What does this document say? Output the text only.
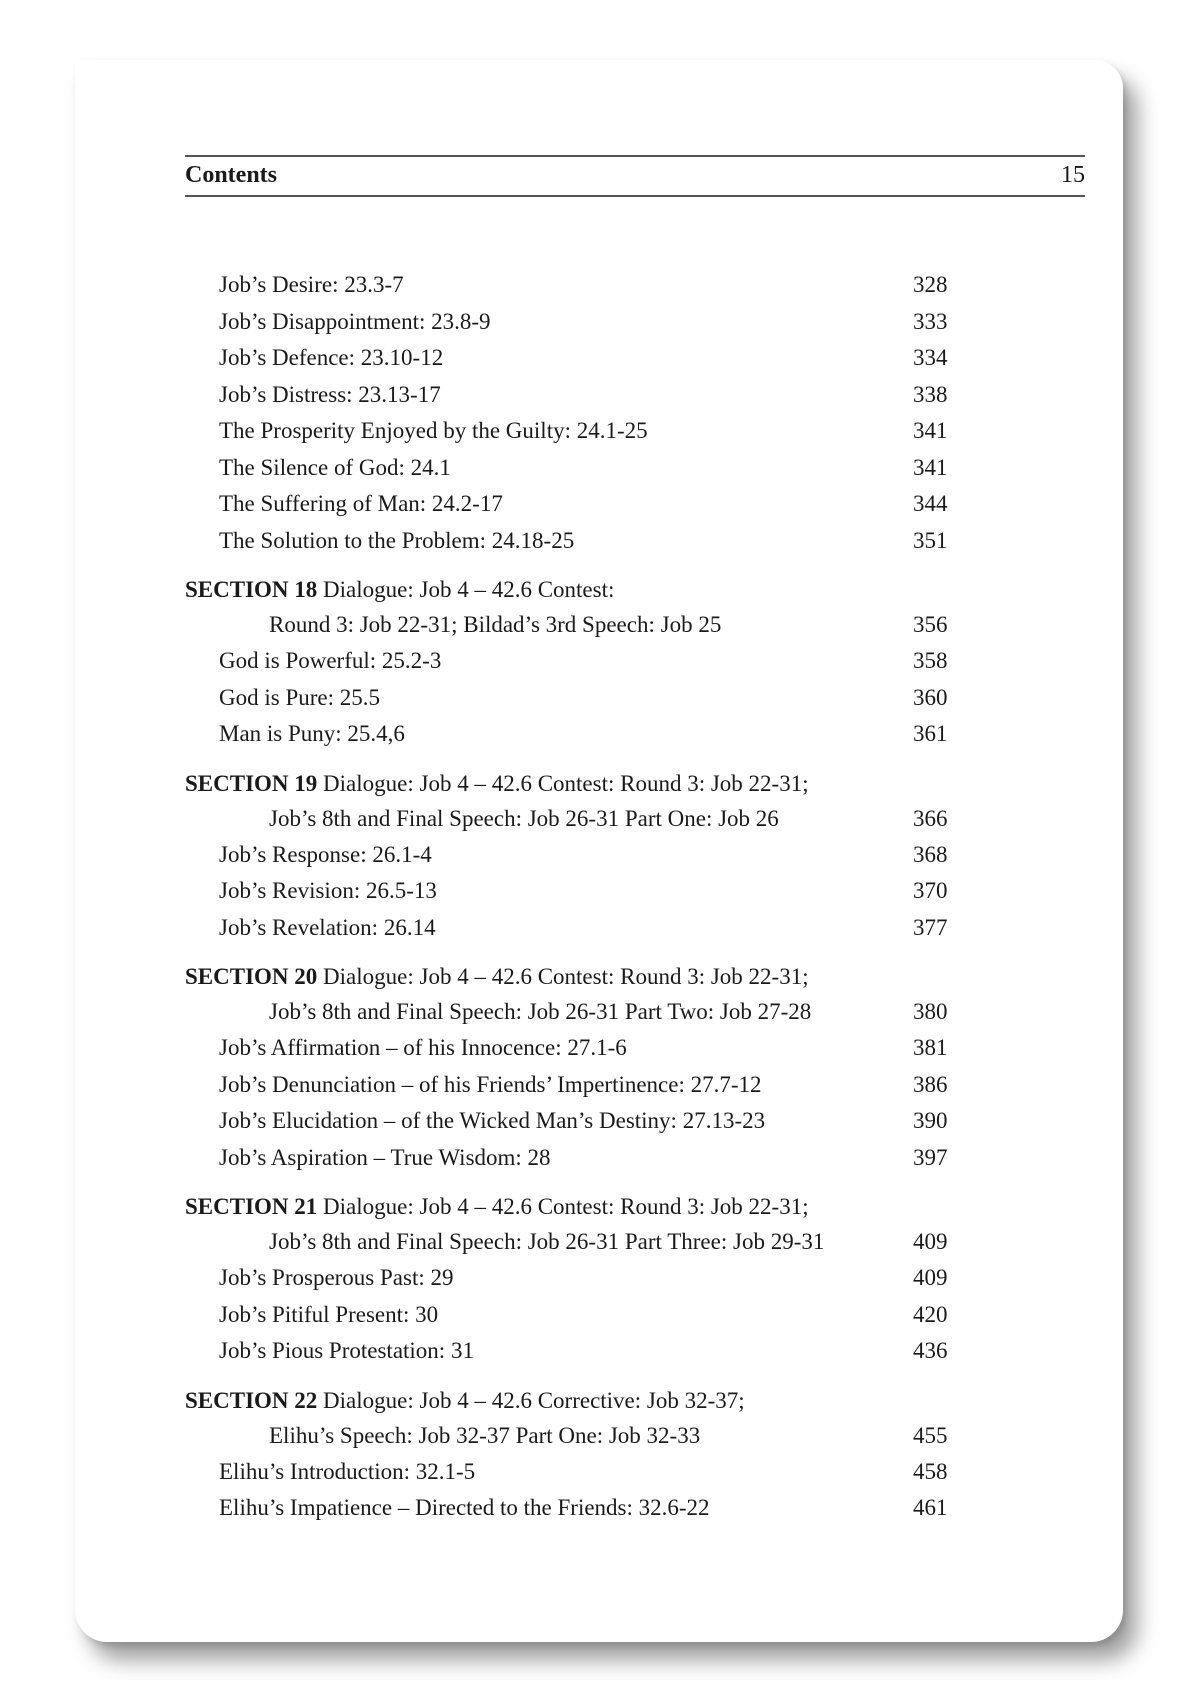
Contents	15
Job’s Desire: 23.3-7	328
Job’s Disappointment: 23.8-9	333
Job’s Defence: 23.10-12	334
Job’s Distress: 23.13-17	338
The Prosperity Enjoyed by the Guilty: 24.1-25	341
The Silence of God: 24.1	341
The Suffering of Man: 24.2-17	344
The Solution to the Problem: 24.18-25	351
SECTION 18 Dialogue: Job 4 – 42.6 Contest:
Round 3: Job 22-31; Bildad’s 3rd Speech: Job 25	356
God is Powerful: 25.2-3	358
God is Pure: 25.5	360
Man is Puny: 25.4,6	361
SECTION 19 Dialogue: Job 4 – 42.6 Contest: Round 3: Job 22-31;
Job’s 8th and Final Speech: Job 26-31 Part One: Job 26	366
Job’s Response: 26.1-4	368
Job’s Revision: 26.5-13	370
Job’s Revelation: 26.14	377
SECTION 20 Dialogue: Job 4 – 42.6 Contest: Round 3: Job 22-31;
Job’s 8th and Final Speech: Job 26-31 Part Two: Job 27-28	380
Job’s Affirmation – of his Innocence: 27.1-6	381
Job’s Denunciation – of his Friends’ Impertinence: 27.7-12	386
Job’s Elucidation – of the Wicked Man’s Destiny: 27.13-23	390
Job’s Aspiration – True Wisdom: 28	397
SECTION 21 Dialogue: Job 4 – 42.6 Contest: Round 3: Job 22-31;
Job’s 8th and Final Speech: Job 26-31 Part Three: Job 29-31	409
Job’s Prosperous Past: 29	409
Job’s Pitiful Present: 30	420
Job’s Pious Protestation: 31	436
SECTION 22 Dialogue: Job 4 – 42.6 Corrective: Job 32-37;
Elihu’s Speech: Job 32-37 Part One: Job 32-33	455
Elihu’s Introduction: 32.1-5	458
Elihu’s Impatience – Directed to the Friends: 32.6-22	461
